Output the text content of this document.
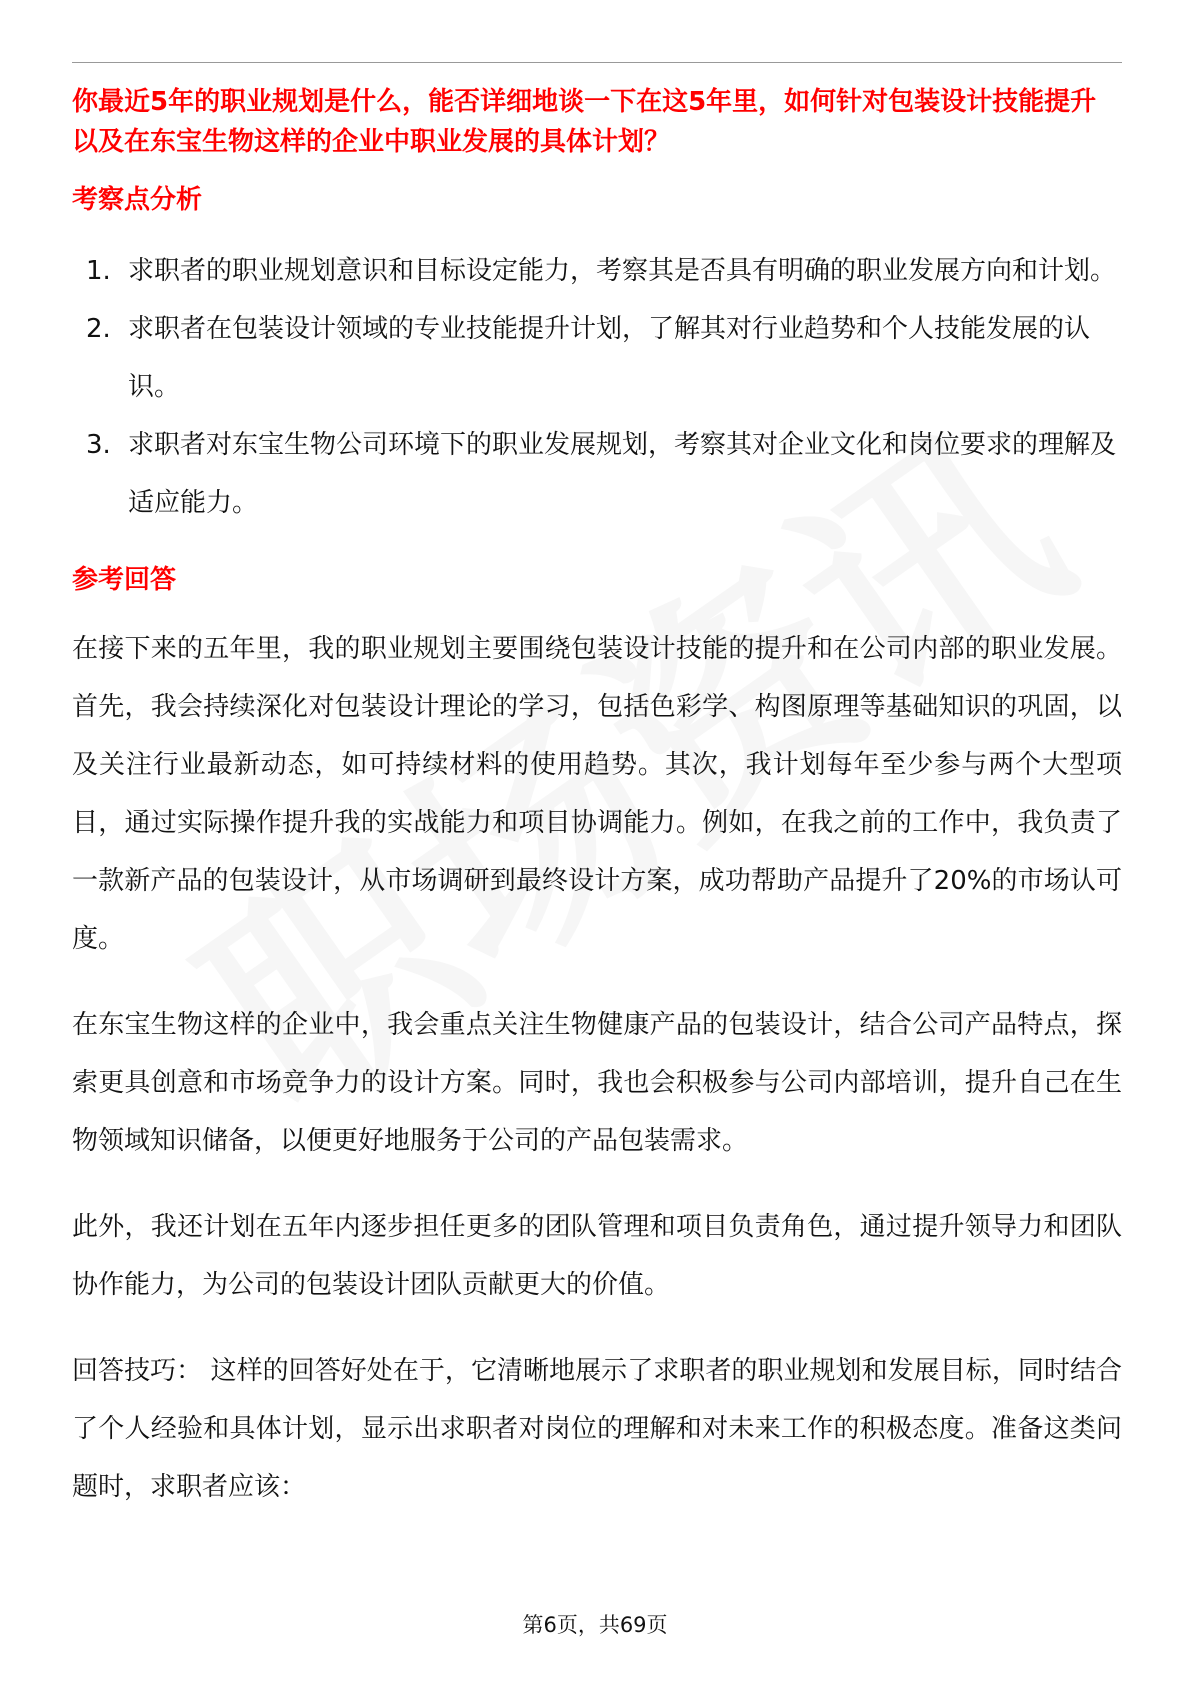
你最近5年的职业规划是什么，能否详细地谈一下在这5年里，如何针对包装设计技能提升以及在东宝生物这样的企业中职业发展的具体计划？

考察点分析
1. 求职者的职业规划意识和目标设定能力，考察其是否具有明确的职业发展方向和计划。
2. 求职者在包装设计领域的专业技能提升计划，了解其对行业趋势和个人技能发展的认识。
3. 求职者对东宝生物公司环境下的职业发展规划，考察其对企业文化和岗位要求的理解及适应能力。
参考回答

在接下来的五年里，我的职业规划主要围绕包装设计技能的提升和在公司内部的职业发展。首先，我会持续深化对包装设计理论的学习，包括色彩学、构图原理等基础知识的巩固，以及关注行业最新动态，如可持续材料的使用趋势。其次，我计划每年至少参与两个大型项目，通过实际操作提升我的实战能力和项目协调能力。例如，在我之前的工作中，我负责了一款新产品的包装设计，从市场调研到最终设计方案，成功帮助产品提升了20%的市场认可度。

在东宝生物这样的企业中，我会重点关注生物健康产品的包装设计，结合公司产品特点，探索更具创意和市场竞争力的设计方案。同时，我也会积极参与公司内部培训，提升自己在生物领域知识储备，以便更好地服务于公司的产品包装需求。

此外，我还计划在五年内逐步担任更多的团队管理和项目负责角色，通过提升领导力和团队协作能力，为公司的包装设计团队贡献更大的价值。

回答技巧： 这样的回答好处在于，它清晰地展示了求职者的职业规划和发展目标，同时结合了个人经验和具体计划，显示出求职者对岗位的理解和对未来工作的积极态度。准备这类问题时，求职者应该：

第6页，共69页
